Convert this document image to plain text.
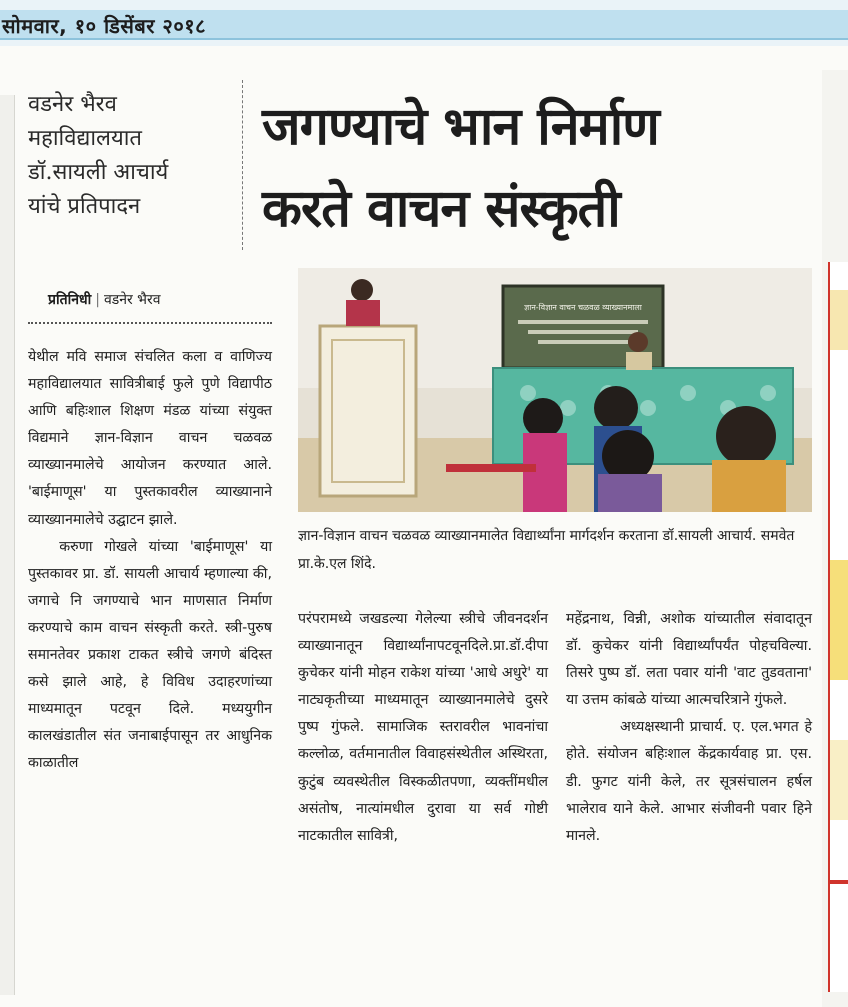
सोमवार, १० डिसेंबर २०१८
वडनेर भैरव
महाविद्यालयात
डॉ.सायली आचार्य
यांचे प्रतिपादन
जगण्याचे भान निर्माण
करते वाचन संस्कृती
प्रतिनिधी | वडनेर भैरव	ज्ञान-विज्ञान वाचन चळवळ व्याख्यानमाला
ज्ञान-विज्ञान वाचन चळवळ व्याख्यानमालेत विद्यार्थ्यांना मार्गदर्शन करताना डॉ.सायली आचार्य. समवेत प्रा.के.एल शिंदे.

येथील मवि समाज संचलित कला व वाणिज्य महाविद्यालयात सावित्रीबाई फुले पुणे विद्यापीठ आणि बहिःशाल शिक्षण मंडळ यांच्या संयुक्त विद्यमाने ज्ञान-विज्ञान वाचन चळवळ व्याख्यानमालेचे आयोजन करण्यात आले. 'बाईमाणूस' या पुस्तकावरील व्याख्यानाने व्याख्यानमालेचे उद्घाटन झाले.

करुणा गोखले यांच्या 'बाईमाणूस' या पुस्तकावर प्रा. डॉ. सायली आचार्य म्हणाल्या की, जगाचे नि जगण्याचे भान माणसात निर्माण करण्याचे काम वाचन संस्कृती करते. स्त्री-पुरुष समानतेवर प्रकाश टाकत स्त्रीचे जगणे बंदिस्त कसे झाले आहे, हे विविध उदाहरणांच्या माध्यमातून पटवून दिले. मध्ययुगीन कालखंडातील संत जनाबाईपासून तर आधुनिक काळातील

परंपरामध्ये जखडल्या गेलेल्या स्त्रीचे जीवनदर्शन व्याख्यानातून विद्यार्थ्यांनापटवूनदिले.प्रा.डॉ.दीपा कुचेकर यांनी मोहन राकेश यांच्या 'आधे अधुरे' या नाट्यकृतीच्या माध्यमातून व्याख्यानमालेचे दुसरे पुष्प गुंफले. सामाजिक स्तरावरील भावनांचा कल्लोळ, वर्तमानातील विवाहसंस्थेतील अस्थिरता, कुटुंब व्यवस्थेतील विस्कळीतपणा, व्यक्तींमधील असंतोष, नात्यांमधील दुरावा या सर्व गोष्टी नाटकातील सावित्री,

महेंद्रनाथ, विन्नी, अशोक यांच्यातील संवादातून डॉ. कुचेकर यांनी विद्यार्थ्यांपर्यंत पोहचविल्या. तिसरे पुष्प डॉ. लता पवार यांनी 'वाट तुडवताना' या उत्तम कांबळे यांच्या आत्मचरित्राने गुंफले.

अध्यक्षस्थानी प्राचार्य. ए. एल.भगत हे होते. संयोजन बहिःशाल केंद्रकार्यवाह प्रा. एस. डी. फुगट यांनी केले, तर सूत्रसंचालन हर्षल भालेराव याने केले. आभार संजीवनी पवार हिने मानले.
